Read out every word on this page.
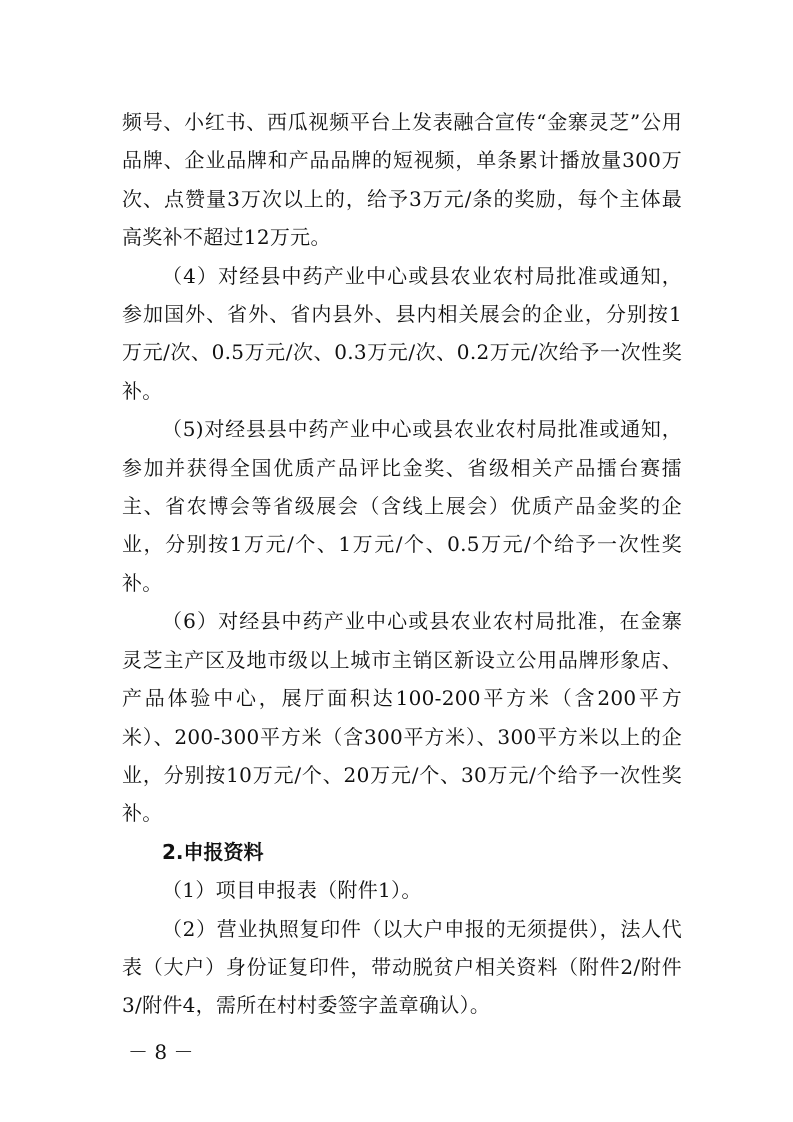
频号、小红书、西瓜视频平台上发表融合宣传“金寨灵芝”公用品牌、企业品牌和产品品牌的短视频，单条累计播放量300万次、点赞量3万次以上的，给予3万元/条的奖励，每个主体最高奖补不超过12万元。

（4）对经县中药产业中心或县农业农村局批准或通知，参加国外、省外、省内县外、县内相关展会的企业，分别按1万元/次、0.5万元/次、0.3万元/次、0.2万元/次给予一次性奖补。

（5)对经县县中药产业中心或县农业农村局批准或通知，参加并获得全国优质产品评比金奖、省级相关产品擂台赛擂主、省农博会等省级展会（含线上展会）优质产品金奖的企业，分别按1万元/个、1万元/个、0.5万元/个给予一次性奖补。

（6）对经县中药产业中心或县农业农村局批准，在金寨灵芝主产区及地市级以上城市主销区新设立公用品牌形象店、产品体验中心，展厅面积达100-200平方米（含200平方米）、200-300平方米（含300平方米）、300平方米以上的企业，分别按10万元/个、20万元/个、30万元/个给予一次性奖补。

2.申报资料

（1）项目申报表（附件1）。

（2）营业执照复印件（以大户申报的无须提供），法人代表（大户）身份证复印件，带动脱贫户相关资料（附件2/附件3/附件4，需所在村村委签字盖章确认）。

－ 8 －
